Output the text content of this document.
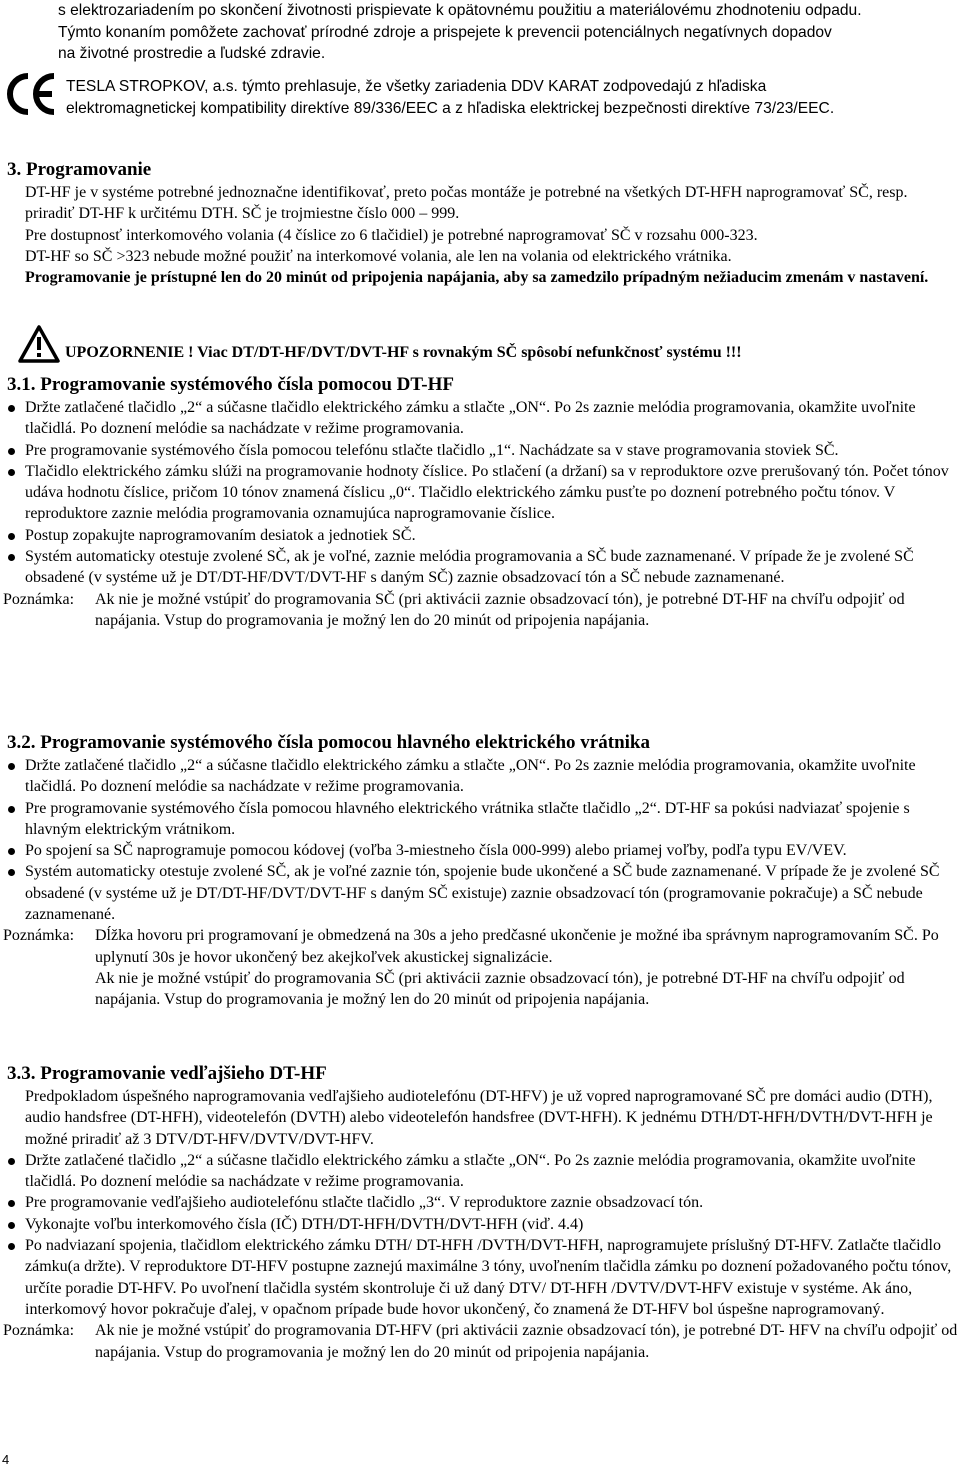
s elektrozariadením po skončení životnosti prispievate k opätovnému použitiu a materiálovému zhodnoteniu odpadu.

Týmto konaním pomôžete zachovať prírodné zdroje a prispejete k prevencii potenciálnych negatívnych dopadov

na životné prostredie a ľudské zdravie.

TESLA STROPKOV, a.s. týmto prehlasuje, že všetky zariadenia DDV KARAT zodpovedajú z hľadiska

elektromagnetickej kompatibility direktíve 89/336/EEC a z hľadiska elektrickej bezpečnosti direktíve 73/23/EEC.

3. Programovanie

DT-HF je v systéme potrebné jednoznačne identifikovať, preto počas montáže je potrebné na všetkých DT-HFH naprogramovať SČ, resp. priradiť DT-HF k určitému DTH. SČ je trojmiestne číslo 000 – 999.

Pre dostupnosť interkomového volania (4 číslice zo 6 tlačidiel) je potrebné naprogramovať SČ v rozsahu 000-323.

DT-HF so SČ >323 nebude možné použiť na interkomové volania, ale len na volania od elektrického vrátnika.

Programovanie je prístupné len do 20 minút od pripojenia napájania, aby sa zamedzilo prípadným nežiaducim zmenám v nastavení.

UPOZORNENIE ! Viac DT/DT-HF/DVT/DVT-HF s rovnakým SČ spôsobí nefunkčnosť systému !!!
3.1. Programovanie systémového čísla pomocou DT-HF
Držte zatlačené tlačidlo „2“ a súčasne tlačidlo elektrického zámku a stlačte „ON“. Po 2s zaznie melódia programovania, okamžite uvoľnite tlačidlá. Po doznení melódie sa nachádzate v režime programovania.
Pre programovanie systémového čísla pomocou telefónu stlačte tlačidlo „1“. Nachádzate sa v stave programovania stoviek SČ.
Tlačidlo elektrického zámku slúži na programovanie hodnoty číslice. Po stlačení (a držaní) sa v reproduktore ozve prerušovaný tón. Počet tónov udáva hodnotu číslice, pričom 10 tónov znamená číslicu „0“. Tlačidlo elektrického zámku pusťte po doznení potrebného počtu tónov. V reproduktore zaznie melódia programovania oznamujúca naprogramovanie číslice.
Postup zopakujte naprogramovaním desiatok a jednotiek SČ.
Systém automaticky otestuje zvolené SČ, ak je voľné, zaznie melódia programovania a SČ bude zaznamenané. V prípade že je zvolené SČ obsadené (v systéme už je DT/DT-HF/DVT/DVT-HF s daným SČ) zaznie obsadzovací tón a SČ nebude zaznamenané.
Poznámka: Ak nie je možné vstúpiť do programovania SČ (pri aktivácii zaznie obsadzovací tón), je potrebné DT-HF na chvíľu odpojiť od napájania. Vstup do programovania je možný len do 20 minút od pripojenia napájania.
3.2. Programovanie systémového čísla pomocou hlavného elektrického vrátnika
Držte zatlačené tlačidlo „2“ a súčasne tlačidlo elektrického zámku a stlačte „ON“. Po 2s zaznie melódia programovania, okamžite uvoľnite tlačidlá. Po doznení melódie sa nachádzate v režime programovania.
Pre programovanie systémového čísla pomocou hlavného elektrického vrátnika stlačte tlačidlo „2“. DT-HF sa pokúsi nadviazať spojenie s hlavným elektrickým vrátnikom.
Po spojení sa SČ naprogramuje pomocou kódovej (voľba 3-miestneho čísla 000-999) alebo priamej voľby, podľa typu EV/VEV.
Systém automaticky otestuje zvolené SČ, ak je voľné zaznie tón, spojenie bude ukončené a SČ bude zaznamenané. V prípade že je zvolené SČ obsadené (v systéme už je DT/DT-HF/DVT/DVT-HF s daným SČ existuje) zaznie obsadzovací tón (programovanie pokračuje) a SČ nebude zaznamenané.
Poznámka: Dĺžka hovoru pri programovaní je obmedzená na 30s a jeho predčasné ukončenie je možné iba správnym naprogramovaním SČ. Po uplynutí 30s je hovor ukončený bez akejkoľvek akustickej signalizácie.
Ak nie je možné vstúpiť do programovania SČ (pri aktivácii zaznie obsadzovací tón), je potrebné DT-HF na chvíľu odpojiť od napájania. Vstup do programovania je možný len do 20 minút od pripojenia napájania.
3.3. Programovanie vedľajšieho DT-HF

Predpokladom úspešného naprogramovania vedľajšieho audiotelefónu (DT-HFV) je už vopred naprogramované SČ pre domáci audio (DTH), audio handsfree (DT-HFH), videotelefón (DVTH) alebo videotelefón handsfree (DVT-HFH). K jednému DTH/DT-HFH/DVTH/DVT-HFH je možné priradiť až 3 DTV/DT-HFV/DVTV/DVT-HFV.

Držte zatlačené tlačidlo „2“ a súčasne tlačidlo elektrického zámku a stlačte „ON“. Po 2s zaznie melódia programovania, okamžite uvoľnite tlačidlá. Po doznení melódie sa nachádzate v režime programovania.
Pre programovanie vedľajšieho audiotelefónu stlačte tlačidlo „3“. V reproduktore zaznie obsadzovací tón.
Vykonajte voľbu interkomového čísla (IČ) DTH/DT-HFH/DVTH/DVT-HFH (viď. 4.4)
Po nadviazaní spojenia, tlačidlom elektrického zámku DTH/ DT-HFH /DVTH/DVT-HFH, naprogramujete príslušný DT-HFV. Zatlačte tlačidlo zámku(a držte). V reproduktore DT-HFV postupne zaznejú maximálne 3 tóny, uvoľnením tlačidla zámku po doznení požadovaného počtu tónov, určíte poradie DT-HFV. Po uvoľnení tlačidla systém skontroluje či už daný DTV/ DT-HFH /DVTV/DVT-HFV existuje v systéme. Ak áno, interkomový hovor pokračuje ďalej, v opačnom prípade bude hovor ukončený, čo znamená že DT-HFV bol úspešne naprogramovaný.
Poznámka: Ak nie je možné vstúpiť do programovania DT-HFV (pri aktivácii zaznie obsadzovací tón), je potrebné DT- HFV na chvíľu odpojiť od napájania. Vstup do programovania je možný len do 20 minút od pripojenia napájania.
4
